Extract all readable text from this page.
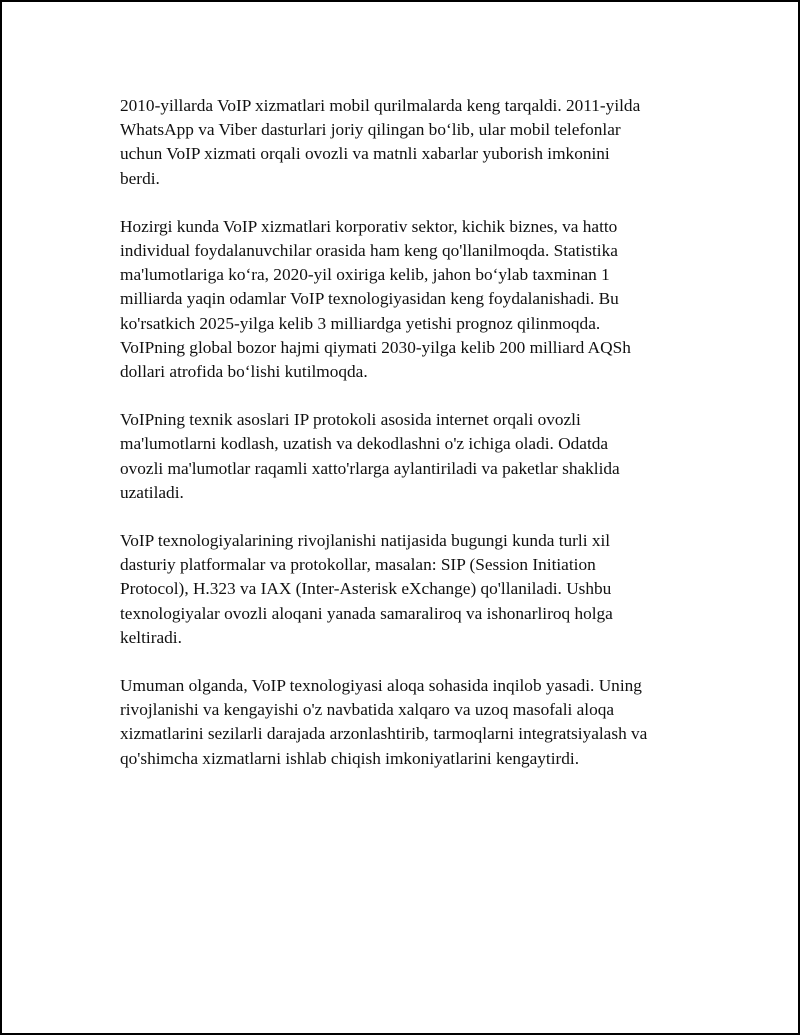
2010-yillarda VoIP xizmatlari mobil qurilmalarda keng tarqaldi. 2011-yilda
WhatsApp va Viber dasturlari joriy qilingan bo‘lib, ular mobil telefonlar
uchun VoIP xizmati orqali ovozli va matnli xabarlar yuborish imkonini
berdi.

Hozirgi kunda VoIP xizmatlari korporativ sektor, kichik biznes, va hatto
individual foydalanuvchilar orasida ham keng qo'llanilmoqda. Statistika
ma'lumotlariga ko‘ra, 2020-yil oxiriga kelib, jahon bo‘ylab taxminan 1
milliarda yaqin odamlar VoIP texnologiyasidan keng foydalanishadi. Bu
ko'rsatkich 2025-yilga kelib 3 milliardga yetishi prognoz qilinmoqda.
VoIPning global bozor hajmi qiymati 2030-yilga kelib 200 milliard AQSh
dollari atrofida bo‘lishi kutilmoqda.

VoIPning texnik asoslari IP protokoli asosida internet orqali ovozli
ma'lumotlarni kodlash, uzatish va dekodlashni o'z ichiga oladi. Odatda
ovozli ma'lumotlar raqamli xatto'rlarga aylantiriladi va paketlar shaklida
uzatiladi.

VoIP texnologiyalarining rivojlanishi natijasida bugungi kunda turli xil
dasturiy platformalar va protokollar, masalan: SIP (Session Initiation
Protocol), H.323 va IAX (Inter-Asterisk eXchange) qo'llaniladi. Ushbu
texnologiyalar ovozli aloqani yanada samaraliroq va ishonarliroq holga
keltiradi.

Umuman olganda, VoIP texnologiyasi aloqa sohasida inqilob yasadi. Uning
rivojlanishi va kengayishi o'z navbatida xalqaro va uzoq masofali aloqa
xizmatlarini sezilarli darajada arzonlashtirib, tarmoqlarni integratsiyalash va
qo'shimcha xizmatlarni ishlab chiqish imkoniyatlarini kengaytirdi.
